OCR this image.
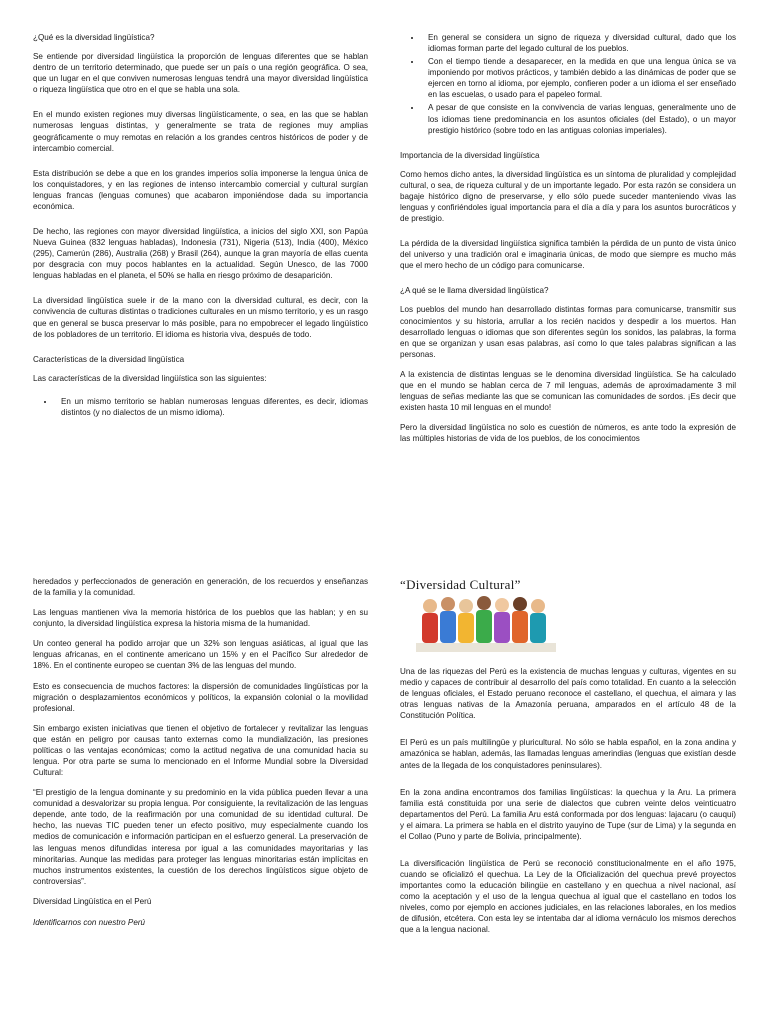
¿Qué es la diversidad lingüística?

Se entiende por diversidad lingüística la proporción de lenguas diferentes que se hablan dentro de un territorio determinado, que puede ser un país o una región geográfica. O sea, que un lugar en el que conviven numerosas lenguas tendrá una mayor diversidad lingüística o riqueza lingüística que otro en el que se habla una sola.

En el mundo existen regiones muy diversas lingüísticamente, o sea, en las que se hablan numerosas lenguas distintas, y generalmente se trata de regiones muy amplias geográficamente o muy remotas en relación a los grandes centros históricos de poder y de intercambio comercial.

Esta distribución se debe a que en los grandes imperios solía imponerse la lengua única de los conquistadores, y en las regiones de intenso intercambio comercial y cultural surgían lenguas francas (lenguas comunes) que acabaron imponiéndose dada su importancia económica.

De hecho, las regiones con mayor diversidad lingüística, a inicios del siglo XXI, son Papúa Nueva Guinea (832 lenguas habladas), Indonesia (731), Nigeria (513), India (400), México (295), Camerún (286), Australia (268) y Brasil (264), aunque la gran mayoría de ellas cuenta por desgracia con muy pocos hablantes en la actualidad. Según Unesco, de las 7000 lenguas habladas en el planeta, el 50% se halla en riesgo próximo de desaparición.

La diversidad lingüística suele ir de la mano con la diversidad cultural, es decir, con la convivencia de culturas distintas o tradiciones culturales en un mismo territorio, y es un rasgo que en general se busca preservar lo más posible, para no empobrecer el legado lingüístico de los pobladores de un territorio. El idioma es historia viva, después de todo.

Características de la diversidad lingüística

Las características de la diversidad lingüística son las siguientes:

• En un mismo territorio se hablan numerosas lenguas diferentes, es decir, idiomas distintos (y no dialectos de un mismo idioma).
• En general se considera un signo de riqueza y diversidad cultural, dado que los idiomas forman parte del legado cultural de los pueblos.
• Con el tiempo tiende a desaparecer, en la medida en que una lengua única se va imponiendo por motivos prácticos, y también debido a las dinámicas de poder que se ejercen en torno al idioma, por ejemplo, confieren poder a un idioma el ser enseñado en las escuelas, o usado para el papeleo formal.
• A pesar de que consiste en la convivencia de varias lenguas, generalmente uno de los idiomas tiene predominancia en los asuntos oficiales (del Estado), o un mayor prestigio histórico (sobre todo en las antiguas colonias imperiales).
Importancia de la diversidad lingüística

Como hemos dicho antes, la diversidad lingüística es un síntoma de pluralidad y complejidad cultural, o sea, de riqueza cultural y de un importante legado. Por esta razón se considera un bagaje histórico digno de preservarse, y ello sólo puede suceder manteniendo vivas las lenguas y confiriéndoles igual importancia para el día a día y para los asuntos burocráticos y de prestigio.

La pérdida de la diversidad lingüística significa también la pérdida de un punto de vista único del universo y una tradición oral e imaginaria únicas, de modo que siempre es mucho más que el mero hecho de un código para comunicarse.

¿A qué se le llama diversidad lingüística?

Los pueblos del mundo han desarrollado distintas formas para comunicarse, transmitir sus conocimientos y su historia, arrullar a los recién nacidos y despedir a los muertos. Han desarrollado lenguas o idiomas que son diferentes según los sonidos, las palabras, la forma en que se organizan y usan esas palabras, así como lo que tales palabras significan a las personas.

A la existencia de distintas lenguas se le denomina diversidad lingüística. Se ha calculado que en el mundo se hablan cerca de 7 mil lenguas, además de aproximadamente 3 mil lenguas de señas mediante las que se comunican las comunidades de sordos. ¡Es decir que existen hasta 10 mil lenguas en el mundo!

Pero la diversidad lingüística no solo es cuestión de números, es ante todo la expresión de las múltiples historias de vida de los pueblos, de los conocimientos

heredados y perfeccionados de generación en generación, de los recuerdos y enseñanzas de la familia y la comunidad.

Las lenguas mantienen viva la memoria histórica de los pueblos que las hablan; y en su conjunto, la diversidad lingüística expresa la historia misma de la humanidad.

Un conteo general ha podido arrojar que un 32% son lenguas asiáticas, al igual que las lenguas africanas, en el continente americano un 15% y en el Pacífico Sur alrededor de 18%. En el continente europeo se cuentan 3% de las lenguas del mundo.

Esto es consecuencia de muchos factores: la dispersión de comunidades lingüísticas por la migración o desplazamientos económicos y políticos, la expansión colonial o la movilidad profesional.

Sin embargo existen iniciativas que tienen el objetivo de fortalecer y revitalizar las lenguas que están en peligro por causas tanto externas como la mundialización, las presiones políticas o las ventajas económicas; como la actitud negativa de una comunidad hacia su lengua. Por otra parte se suma lo mencionado en el Informe Mundial sobre la Diversidad Cultural:

“El prestigio de la lengua dominante y su predominio en la vida pública pueden llevar a una comunidad a desvalorizar su propia lengua. Por consiguiente, la revitalización de las lenguas depende, ante todo, de la reafirmación por una comunidad de su identidad cultural. De hecho, las nuevas TIC pueden tener un efecto positivo, muy especialmente cuando los medios de comunicación e información participan en el esfuerzo general. La preservación de las lenguas menos difundidas interesa por igual a las comunidades mayoritarias y las minoritarias. Aunque las medidas para proteger las lenguas minoritarias están implícitas en muchos instrumentos existentes, la cuestión de los derechos lingüísticos sigue objeto de controversias”.

Diversidad Lingüística en el Perú
Identificarnos con nuestro Perú
“Diversidad Cultural”

Una de las riquezas del Perú es la existencia de muchas lenguas y culturas, vigentes en su medio y capaces de contribuir al desarrollo del país como totalidad. En cuanto a la selección de lenguas oficiales, el Estado peruano reconoce el castellano, el quechua, el aimara y las otras lenguas nativas de la Amazonía peruana, amparados en el artículo 48 de la Constitución Política.

El Perú es un país multilingüe y pluricultural. No sólo se habla español, en la zona andina y amazónica se hablan, además, las llamadas lenguas amerindias (lenguas que existían desde antes de la llegada de los conquistadores peninsulares).

En la zona andina encontramos dos familias lingüísticas: la quechua y la Aru. La primera familia está constituida por una serie de dialectos que cubren veinte delos veinticuatro departamentos del Perú. La familia Aru está conformada por dos lenguas: lajacaru (o cauqui) y el aimara. La primera se habla en el distrito yauyino de Tupe (sur de Lima) y la segunda en el Collao (Puno y parte de Bolivia, principalmente).

La diversificación lingüística de Perú se reconoció constitucionalmente en el año 1975, cuando se oficializó el quechua. La Ley de la Oficialización del quechua prevé proyectos importantes como la educación bilingüe en castellano y en quechua a nivel nacional, así como la aceptación y el uso de la lengua quechua al igual que el castellano en todos los niveles, como por ejemplo en acciones judiciales, en las relaciones laborales, en los medios de difusión, etcétera. Con esta ley se intentaba dar al idioma vernáculo los mismos derechos que a la lengua nacional.
